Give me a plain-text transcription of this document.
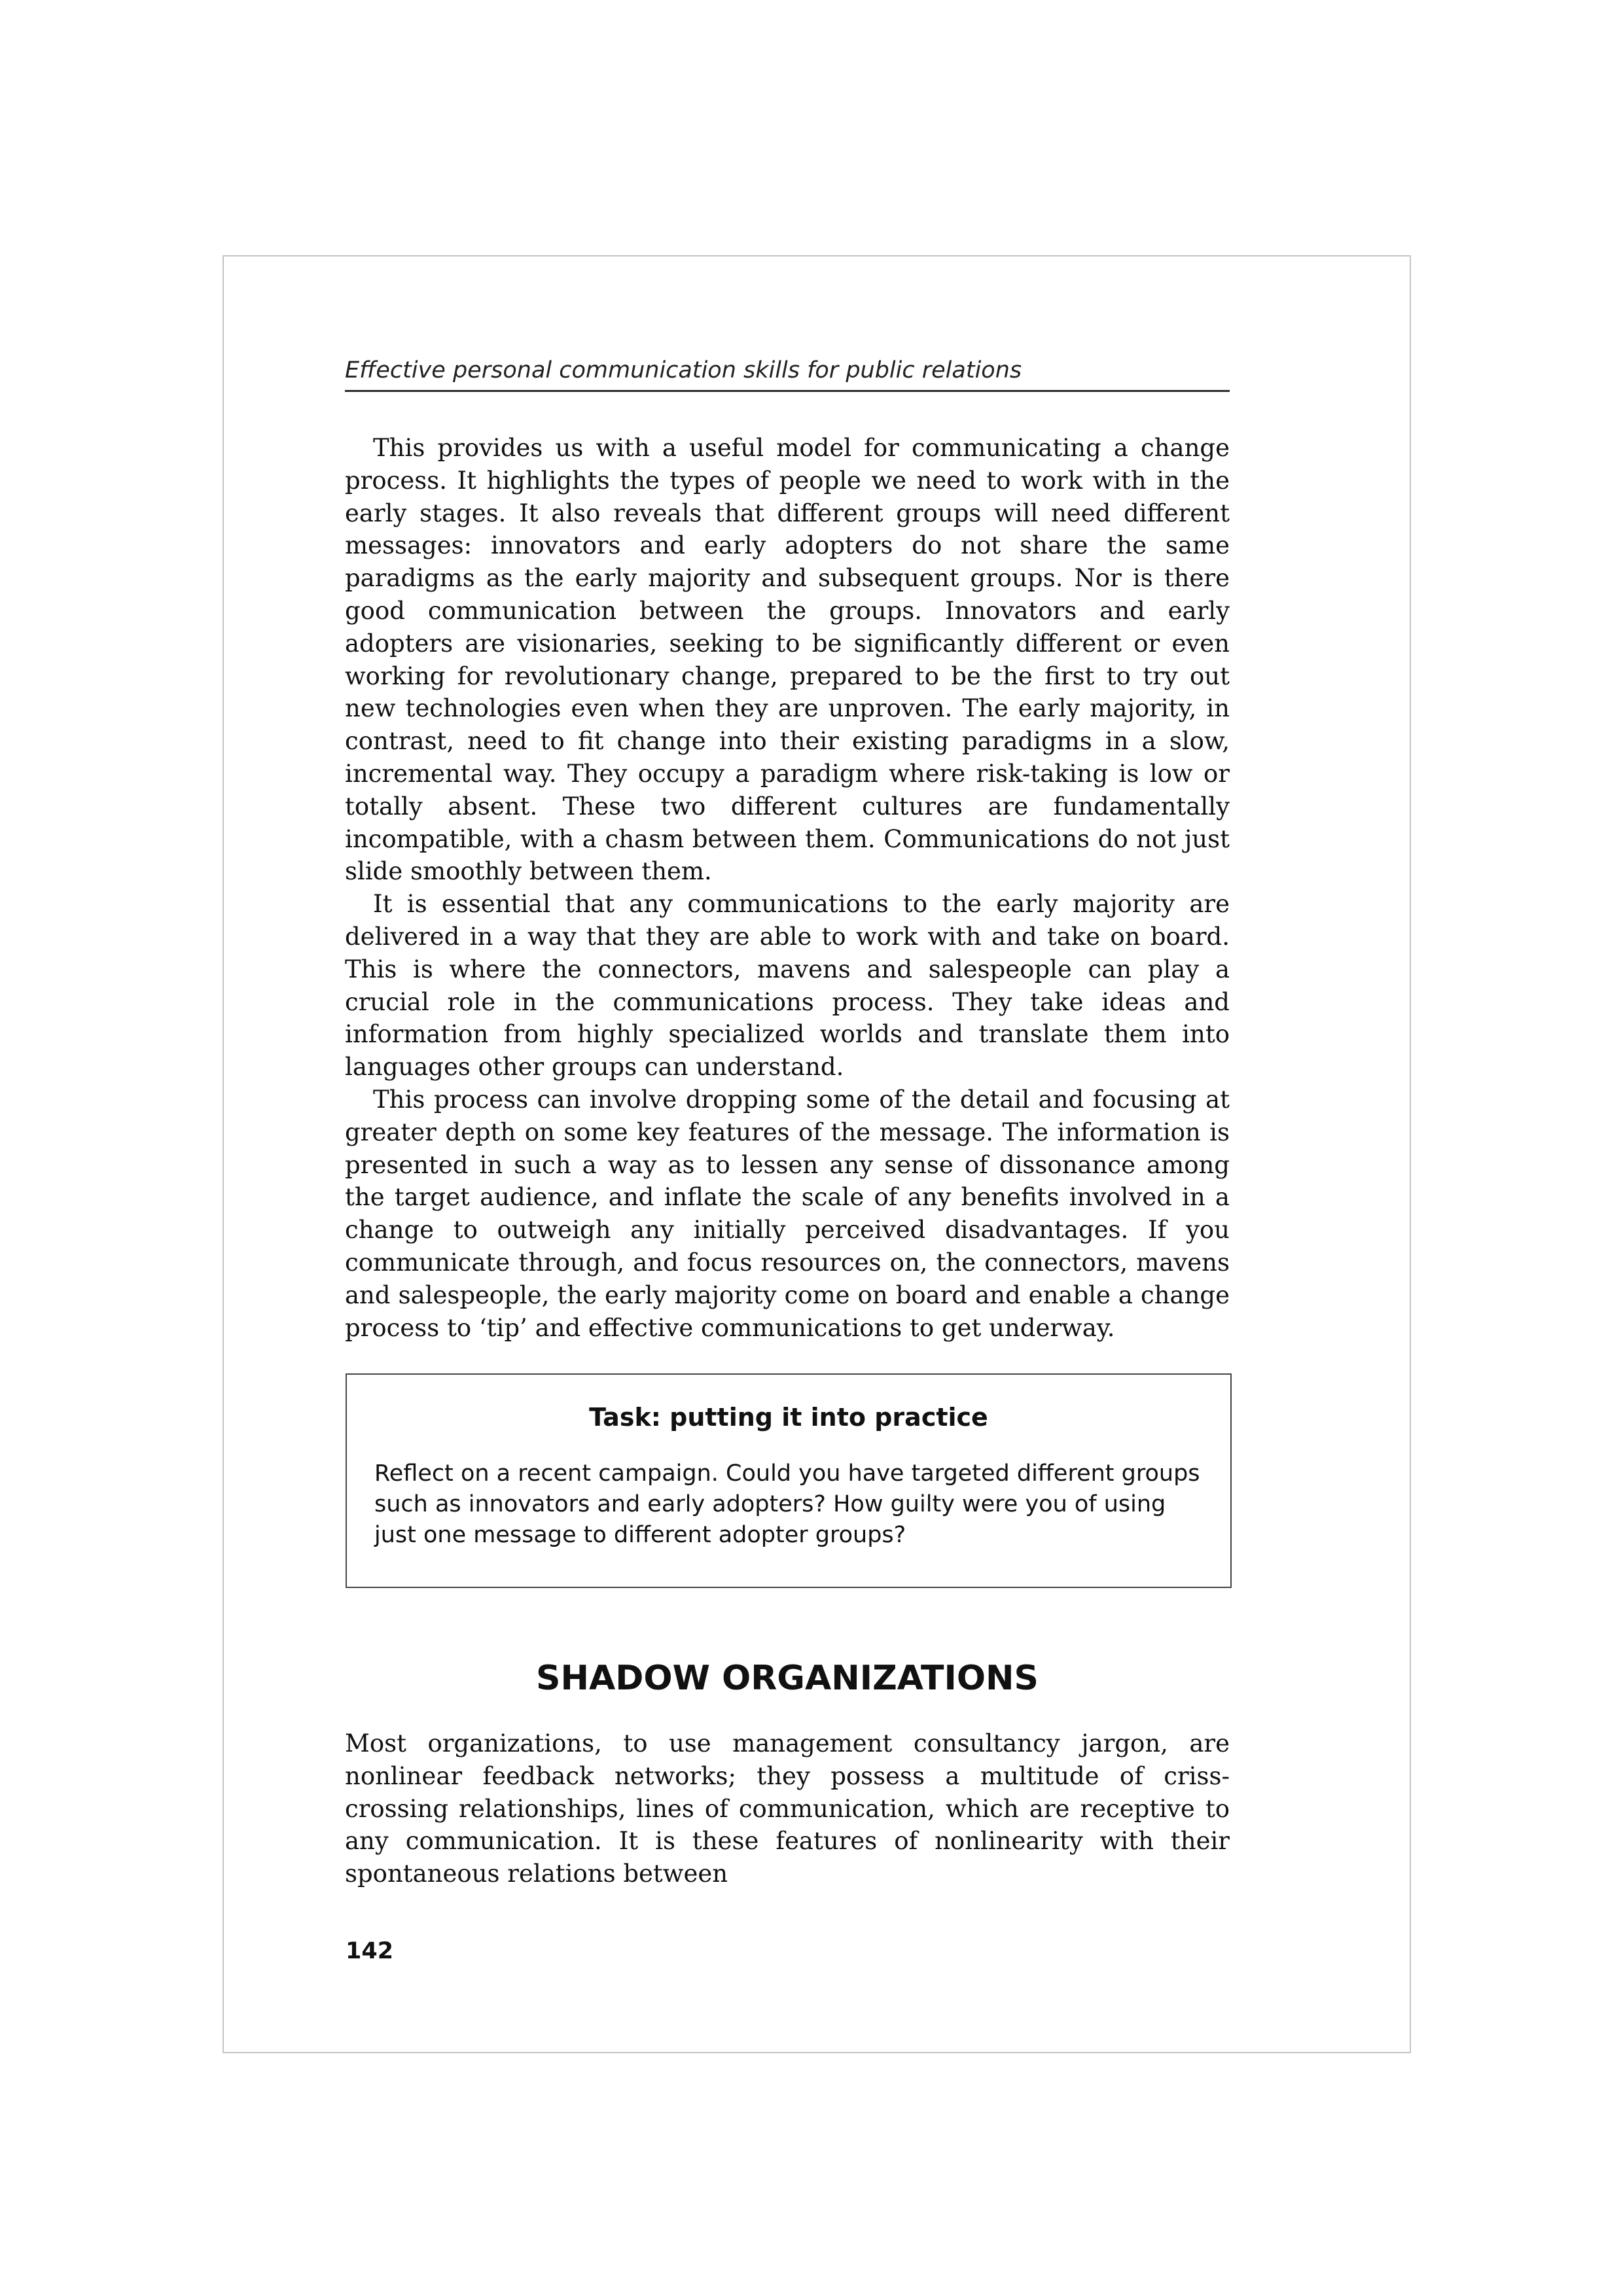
Effective personal communication skills for public relations

This provides us with a useful model for communicating a change process. It highlights the types of people we need to work with in the early stages. It also reveals that different groups will need different messages: innovators and early adopters do not share the same paradigms as the early majority and subsequent groups. Nor is there good communication between the groups. Innovators and early adopters are visionaries, seeking to be significantly different or even working for revolutionary change, prepared to be the first to try out new technologies even when they are unproven. The early majority, in contrast, need to fit change into their existing paradigms in a slow, incremental way. They occupy a paradigm where risk-taking is low or totally absent. These two different cultures are fundamentally incompatible, with a chasm between them. Communications do not just slide smoothly between them.

It is essential that any communications to the early majority are delivered in a way that they are able to work with and take on board. This is where the connectors, mavens and salespeople can play a crucial role in the communications process. They take ideas and information from highly specialized worlds and translate them into languages other groups can understand.

This process can involve dropping some of the detail and focusing at greater depth on some key features of the message. The information is presented in such a way as to lessen any sense of dissonance among the target audience, and inflate the scale of any benefits involved in a change to outweigh any initially perceived disadvantages. If you communicate through, and focus resources on, the connectors, mavens and salespeople, the early majority come on board and enable a change process to ‘tip’ and effective communications to get underway.

Task: putting it into practice

Reflect on a recent campaign. Could you have targeted different groups such as innovators and early adopters? How guilty were you of using just one message to different adopter groups?

SHADOW ORGANIZATIONS

Most organizations, to use management consultancy jargon, are nonlinear feedback networks; they possess a multitude of criss-crossing relationships, lines of communication, which are receptive to any communication. It is these features of nonlinearity with their spontaneous relations between

142
